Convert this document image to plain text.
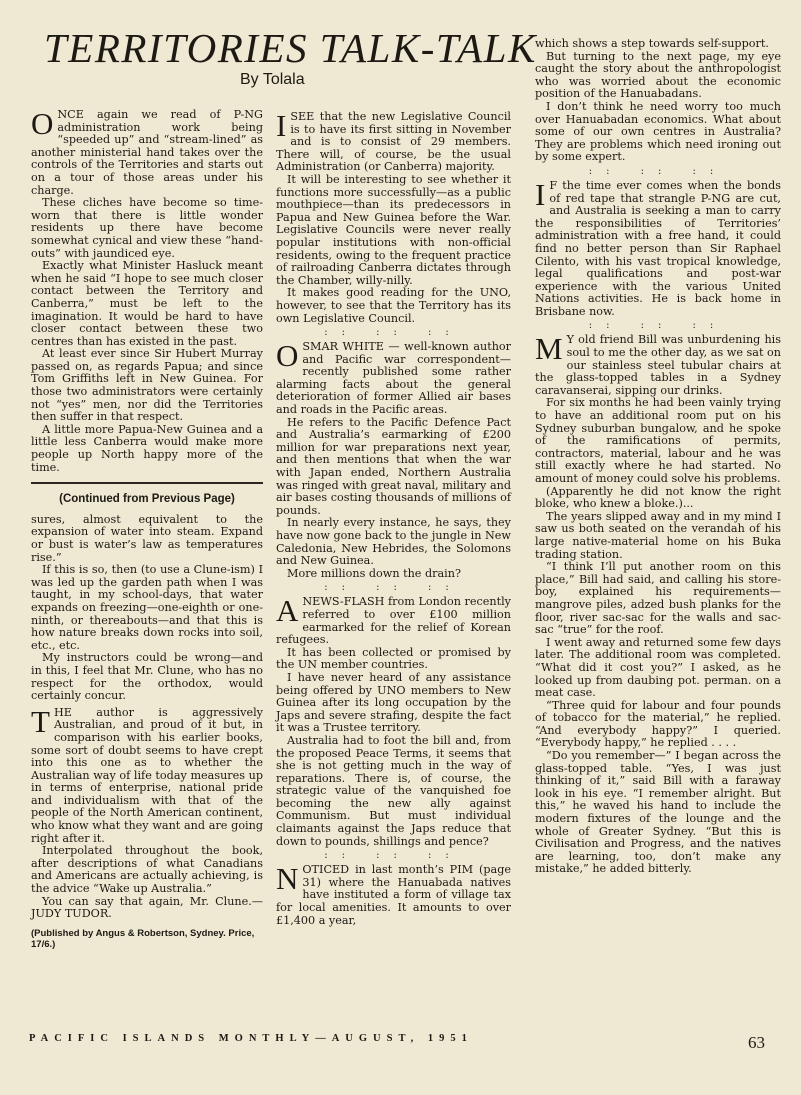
TERRITORIES TALK-TALK
By Tolala

ONCE again we read of P-NG administration work being “speeded up” and “stream-lined” as another ministerial hand takes over the controls of the Territories and starts out on a tour of those areas under his charge.

These cliches have become so time-worn that there is little wonder residents up there have become somewhat cynical and view these “hand-outs” with jaundiced eye.

Exactly what Minister Hasluck meant when he said “I hope to see much closer contact between the Territory and Canberra,” must be left to the imagination. It would be hard to have closer contact between these two centres than has existed in the past.

At least ever since Sir Hubert Murray passed on, as regards Papua; and since Tom Griffiths left in New Guinea. For those two administrators were certainly not “yes” men, nor did the Territories then suffer in that respect.

A little more Papua-New Guinea and a little less Canberra would make more people up North happy more of the time.

(Continued from Previous Page)

sures, almost equivalent to the expansion of water into steam. Expand or bust is water’s law as temperatures rise.”

If this is so, then (to use a Clune-ism) I was led up the garden path when I was taught, in my school-days, that water expands on freezing—one-eighth or one-ninth, or thereabouts—and that this is how nature breaks down rocks into soil, etc., etc.

My instructors could be wrong—and in this, I feel that Mr. Clune, who has no respect for the orthodox, would certainly concur.

THE author is aggressively Australian, and proud of it but, in comparison with his earlier books, some sort of doubt seems to have crept into this one as to whether the Australian way of life today measures up in terms of enterprise, national pride and individualism with that of the people of the North American continent, who know what they want and are going right after it.

Interpolated throughout the book, after descriptions of what Canadians and Americans are actually achieving, is the advice “Wake up Australia.”

You can say that again, Mr. Clune.—JUDY TUDOR.

(Published by Angus & Robertson, Sydney. Price, 17/6.)

ISEE that the new Legislative Council is to have its first sitting in November and is to consist of 29 members. There will, of course, be the usual Administration (or Canberra) majority.

It will be interesting to see whether it functions more successfully—as a public mouthpiece—than its predecessors in Papua and New Guinea before the War. Legislative Councils were never really popular institutions with non-official residents, owing to the frequent practice of railroading Canberra dictates through the Chamber, willy-nilly.

It makes good reading for the UNO, however, to see that the Territory has its own Legislative Council.

:: :: ::

OSMAR WHITE — well-known author and Pacific war correspondent—recently published some rather alarming facts about the general deterioration of former Allied air bases and roads in the Pacific areas.

He refers to the Pacific Defence Pact and Australia’s earmarking of £200 million for war preparations next year, and then mentions that when the war with Japan ended, Northern Australia was ringed with great naval, military and air bases costing thousands of millions of pounds.

In nearly every instance, he says, they have now gone back to the jungle in New Caledonia, New Hebrides, the Solomons and New Guinea.

More millions down the drain?

:: :: ::

ANEWS-FLASH from London recently referred to over £100 million earmarked for the relief of Korean refugees.

It has been collected or promised by the UN member countries.

I have never heard of any assistance being offered by UNO members to New Guinea after its long occupation by the Japs and severe strafing, despite the fact it was a Trustee territory.

Australia had to foot the bill and, from the proposed Peace Terms, it seems that she is not getting much in the way of reparations. There is, of course, the strategic value of the vanquished foe becoming the new ally against Communism. But must individual claimants against the Japs reduce that down to pounds, shillings and pence?

:: :: ::

NOTICED in last month’s PIM (page 31) where the Hanuabada natives have instituted a form of village tax for local amenities. It amounts to over £1,400 a year,

which shows a step towards self-support.

But turning to the next page, my eye caught the story about the anthropologist who was worried about the economic position of the Hanuabadans.

I don’t think he need worry too much over Hanuabadan economics. What about some of our own centres in Australia? They are problems which need ironing out by some expert.

:: :: ::

I F the time ever comes when the bonds of red tape that strangle P-NG are cut, and Australia is seeking a man to carry the responsibilities of Territories’ administration with a free hand, it could find no better person than Sir Raphael Cilento, with his vast tropical knowledge, legal qualifications and post-war experience with the various United Nations activities. He is back home in Brisbane now.

:: :: ::

M Y old friend Bill was unburdening his soul to me the other day, as we sat on our stainless steel tubular chairs at the glass-topped tables in a Sydney caravanserai, sipping our drinks.

For six months he had been vainly trying to have an additional room put on his Sydney suburban bungalow, and he spoke of the ramifications of permits, contractors, material, labour and he was still exactly where he had started. No amount of money could solve his problems.

(Apparently he did not know the right bloke, who knew a bloke.)...

The years slipped away and in my mind I saw us both seated on the verandah of his large native-material home on his Buka trading station.

“I think I’ll put another room on this place,” Bill had said, and calling his store-boy, explained his requirements—mangrove piles, adzed bush planks for the floor, river sac-sac for the walls and sac-sac “true” for the roof.

I went away and returned some few days later. The additional room was completed. “What did it cost you?” I asked, as he looked up from daubing pot. perman. on a meat case.

“Three quid for labour and four pounds of tobacco for the material,” he replied. “And everybody happy?” I queried. “Everybody happy,” he replied . . . .

“Do you remember—” I began across the glass-topped table. “Yes, I was just thinking of it,” said Bill with a faraway look in his eye. “I remember alright. But this,” he waved his hand to include the modern fixtures of the lounge and the whole of Greater Sydney. “But this is Civilisation and Progress, and the natives are learning, too, don’t make any mistake,” he added bitterly.

PACIFIC ISLANDS MONTHLY—AUGUST, 1951	63
